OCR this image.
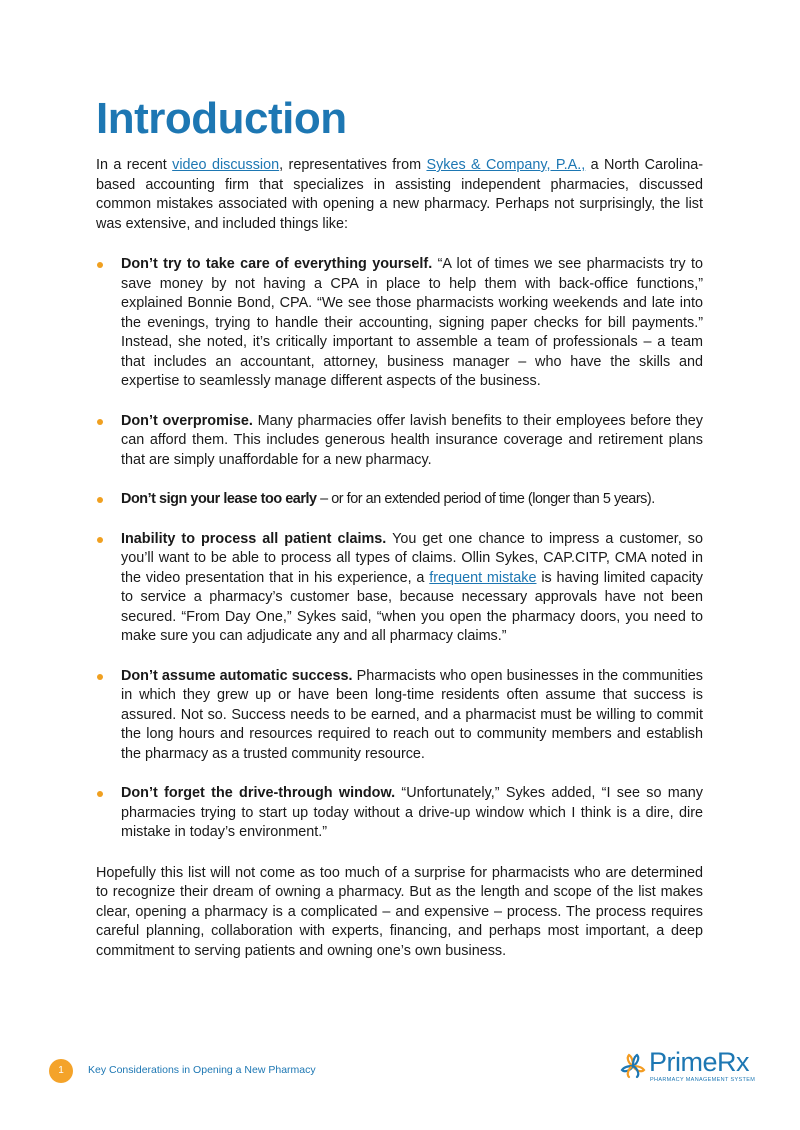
Introduction

In a recent video discussion, representatives from Sykes & Company, P.A., a North Carolina-based accounting firm that specializes in assisting independent pharmacies, discussed common mistakes associated with opening a new pharmacy. Perhaps not surprisingly, the list was extensive, and included things like:

Don’t try to take care of everything yourself. “A lot of times we see pharmacists try to save money by not having a CPA in place to help them with back-office functions,” explained Bonnie Bond, CPA. “We see those pharmacists working weekends and late into the evenings, trying to handle their accounting, signing paper checks for bill payments.” Instead, she noted, it’s critically important to assemble a team of professionals – a team that includes an accountant, attorney, business manager – who have the skills and expertise to seamlessly manage different aspects of the business.

Don’t overpromise. Many pharmacies offer lavish benefits to their employees before they can afford them. This includes generous health insurance coverage and retirement plans that are simply unaffordable for a new pharmacy.

Don’t sign your lease too early – or for an extended period of time (longer than 5 years).

Inability to process all patient claims. You get one chance to impress a customer, so you’ll want to be able to process all types of claims. Ollin Sykes, CAP.CITP, CMA noted in the video presentation that in his experience, a frequent mistake is having limited capacity to service a pharmacy’s customer base, because necessary approvals have not been secured. “From Day One,” Sykes said, “when you open the pharmacy doors, you need to make sure you can adjudicate any and all pharmacy claims.”

Don’t assume automatic success. Pharmacists who open businesses in the communities in which they grew up or have been long-time residents often assume that success is assured. Not so. Success needs to be earned, and a pharmacist must be willing to commit the long hours and resources required to reach out to community members and establish the pharmacy as a trusted community resource.

Don’t forget the drive-through window. “Unfortunately,” Sykes added, “I see so many pharmacies trying to start up today without a drive-up window which I think is a dire, dire mistake in today’s environment.”

Hopefully this list will not come as too much of a surprise for pharmacists who are determined to recognize their dream of owning a pharmacy. But as the length and scope of the list makes clear, opening a pharmacy is a complicated – and expensive – process. The process requires careful planning, collaboration with experts, financing, and perhaps most important, a deep commitment to serving patients and owning one’s own business.

1	Key Considerations in Opening a New Pharmacy	PrimeRx
PHARMACY MANAGEMENT SYSTEM
